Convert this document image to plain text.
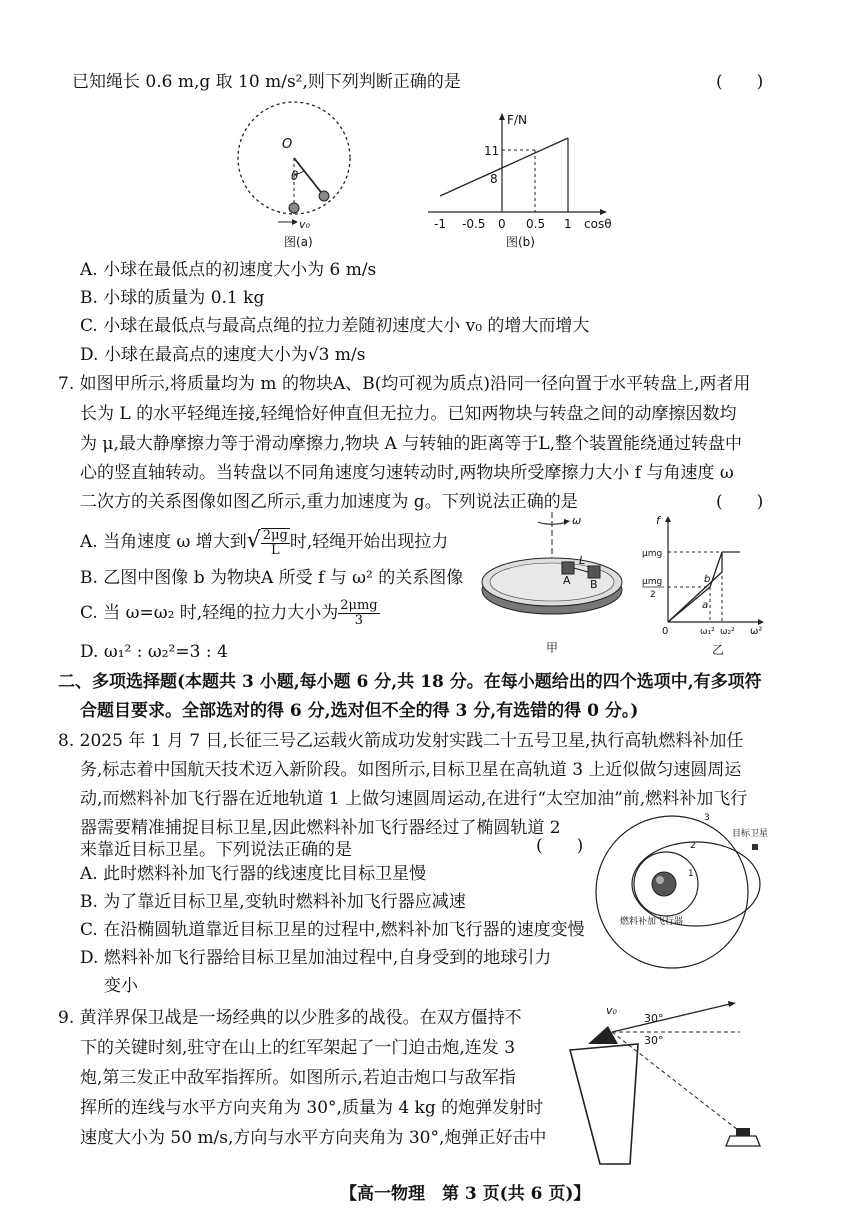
已知绳长 0.6 m,g 取 10 m/s²,则下列判断正确的是	(　　)
O
θ
v₀
图(a)
F/N
11
8
-1 -0.5 0 0.5 1 cosθ
图(b)
A. 小球在最低点的初速度大小为 6 m/s
B. 小球的质量为 0.1 kg
C. 小球在最低点与最高点绳的拉力差随初速度大小 v₀ 的增大而增大
D. 小球在最高点的速度大小为√3 m/s
7. 如图甲所示,将质量均为 m 的物块A、B(均可视为质点)沿同一径向置于水平转盘上,两者用
长为 L 的水平轻绳连接,轻绳恰好伸直但无拉力。已知两物块与转盘之间的动摩擦因数均
为 μ,最大静摩擦力等于滑动摩擦力,物块 A 与转轴的距离等于L,整个装置能绕通过转盘中
心的竖直轴转动。当转盘以不同角速度匀速转动时,两物块所受摩擦力大小 f 与角速度 ω
二次方的关系图像如图乙所示,重力加速度为 g。下列说法正确的是	(　　)
A. 当角速度 ω 增大到√ $\frac{2\mu g}{L}$ 时,轻绳开始出现拉力
B. 乙图中图像 b 为物块A 所受 f 与 ω² 的关系图像
C. 当 ω=ω₂ 时,轻绳的拉力大小为 $\frac{\text{2μmg}}{3}$
D. ω₁² : ω₂²=3 : 4
ω
A B
L
甲
f
μmg
μmg
2
b
a
0	ω₁² ω₂² ω²
乙
二、多项选择题(本题共 3 小题,每小题 6 分,共 18 分。在每小题给出的四个选项中,有多项符
合题目要求。全部选对的得 6 分,选对但不全的得 3 分,有选错的得 0 分。)
8. 2025 年 1 月 7 日,长征三号乙运载火箭成功发射实践二十五号卫星,执行高轨燃料补加任
务,标志着中国航天技术迈入新阶段。如图所示,目标卫星在高轨道 3 上近似做匀速圆周运
动,而燃料补加飞行器在近地轨道 1 上做匀速圆周运动,在进行“太空加油”前,燃料补加飞行
器需要精准捕捉目标卫星,因此燃料补加飞行器经过了椭圆轨道 2
来靠近目标卫星。下列说法正确的是	(　　)
A. 此时燃料补加飞行器的线速度比目标卫星慢
B. 为了靠近目标卫星,变轨时燃料补加飞行器应减速
C. 在沿椭圆轨道靠近目标卫星的过程中,燃料补加飞行器的速度变慢
D. 燃料补加飞行器给目标卫星加油过程中,自身受到的地球引力
变小
3
2
1
目标卫星
燃料补加飞行器
9. 黄洋界保卫战是一场经典的以少胜多的战役。在双方僵持不
下的关键时刻,驻守在山上的红军架起了一门迫击炮,连发 3
炮,第三发正中敌军指挥所。如图所示,若迫击炮口与敌军指
挥所的连线与水平方向夹角为 30°,质量为 4 kg 的炮弹发射时
速度大小为 50 m/s,方向与水平方向夹角为 30°,炮弹正好击中
v₀
30°
30°
【高一物理　第 3 页(共 6 页)】
